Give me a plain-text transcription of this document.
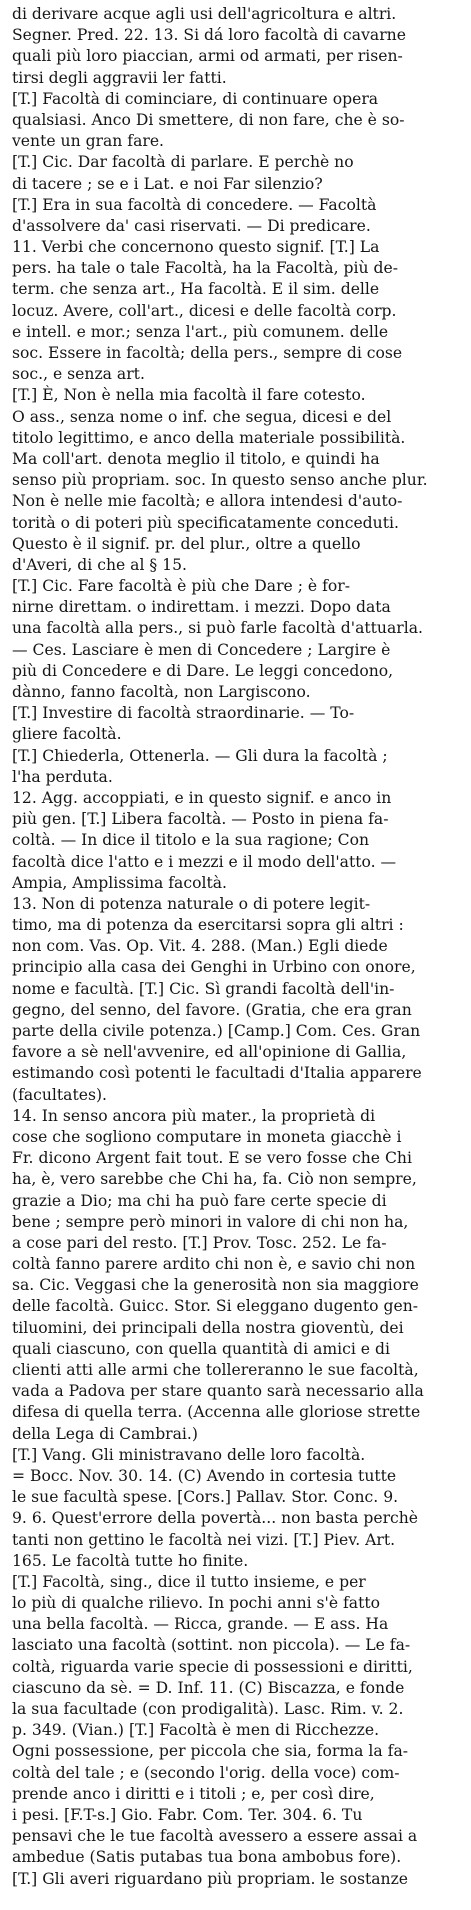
di derivare acque agli usi dell'agricoltura e altri.
Segner. Pred. 22. 13. Si dá loro facoltà di cavarne
quali più loro piaccian, armi od armati, per risen-
tirsi degli aggravii ler fatti.
[T.] Facoltà di cominciare, di continuare opera
qualsiasi. Anco Di smettere, di non fare, che è so-
vente un gran fare.
[T.] Cic. Dar facoltà di parlare. E perchè no
di tacere ; se e i Lat. e noi Far silenzio?
[T.] Era in sua facoltà di concedere. — Facoltà
d'assolvere da' casi riservati. — Di predicare.
11. Verbi che concernono questo signif. [T.] La
pers. ha tale o tale Facoltà, ha la Facoltà, più de-
term. che senza art., Ha facoltà. E il sim. delle
locuz. Avere, coll'art., dicesi e delle facoltà corp.
e intell. e mor.; senza l'art., più comunem. delle
soc. Essere in facoltà; della pers., sempre di cose
soc., e senza art.
[T.] È, Non è nella mia facoltà il fare cotesto.
O ass., senza nome o inf. che segua, dicesi e del
titolo legittimo, e anco della materiale possibilità.
Ma coll'art. denota meglio il titolo, e quindi ha
senso più propriam. soc. In questo senso anche plur.
Non è nelle mie facoltà; e allora intendesi d'auto-
torità o di poteri più specificatamente conceduti.
Questo è il signif. pr. del plur., oltre a quello
d'Averi, di che al § 15.
[T.] Cic. Fare facoltà è più che Dare ; è for-
nirne direttam. o indirettam. i mezzi. Dopo data
una facoltà alla pers., si può farle facoltà d'attuarla.
— Ces. Lasciare è men di Concedere ; Largire è
più di Concedere e di Dare. Le leggi concedono,
dànno, fanno facoltà, non Largiscono.
[T.] Investire di facoltà straordinarie. — To-
gliere facoltà.
[T.] Chiederla, Ottenerla. — Gli dura la facoltà ;
l'ha perduta.
12. Agg. accoppiati, e in questo signif. e anco in
più gen. [T.] Libera facoltà. — Posto in piena fa-
coltà. — In dice il titolo e la sua ragione; Con
facoltà dice l'atto e i mezzi e il modo dell'atto. —
Ampia, Amplissima facoltà.
13. Non di potenza naturale o di potere legit-
timo, ma di potenza da esercitarsi sopra gli altri :
non com. Vas. Op. Vit. 4. 288. (Man.) Egli diede
principio alla casa dei Genghi in Urbino con onore,
nome e facultà. [T.] Cic. Sì grandi facoltà dell'in-
gegno, del senno, del favore. (Gratia, che era gran
parte della civile potenza.) [Camp.] Com. Ces. Gran
favore a sè nell'avvenire, ed all'opinione di Gallia,
estimando così potenti le facultadi d'Italia apparere
(facultates).
14. In senso ancora più mater., la proprietà di
cose che sogliono computare in moneta giacchè i
Fr. dicono Argent fait tout. E se vero fosse che Chi
ha, è, vero sarebbe che Chi ha, fa. Ciò non sempre,
grazie a Dio; ma chi ha può fare certe specie di
bene ; sempre però minori in valore di chi non ha,
a cose pari del resto. [T.] Prov. Tosc. 252. Le fa-
coltà fanno parere ardito chi non è, e savio chi non
sa. Cic. Veggasi che la generosità non sia maggiore
delle facoltà. Guicc. Stor. Si eleggano dugento gen-
tiluomini, dei principali della nostra gioventù, dei
quali ciascuno, con quella quantità di amici e di
clienti atti alle armi che tollereranno le sue facoltà,
vada a Padova per stare quanto sarà necessario alla
difesa di quella terra. (Accenna alle gloriose strette
della Lega di Cambrai.)
[T.] Vang. Gli ministravano delle loro facoltà.
= Bocc. Nov. 30. 14. (C) Avendo in cortesia tutte
le sue facultà spese. [Cors.] Pallav. Stor. Conc. 9.
9. 6. Quest'errore della povertà... non basta perchè
tanti non gettino le facoltà nei vizi. [T.] Piev. Art.
165. Le facoltà tutte ho finite.
[T.] Facoltà, sing., dice il tutto insieme, e per
lo più di qualche rilievo. In pochi anni s'è fatto
una bella facoltà. — Ricca, grande. — E ass. Ha
lasciato una facoltà (sottint. non piccola). — Le fa-
coltà, riguarda varie specie di possessioni e diritti,
ciascuno da sè. = D. Inf. 11. (C) Biscazza, e fonde
la sua facultade (con prodigalità). Lasc. Rim. v. 2.
p. 349. (Vian.) [T.] Facoltà è men di Ricchezze.
Ogni possessione, per piccola che sia, forma la fa-
coltà del tale ; e (secondo l'orig. della voce) com-
prende anco i diritti e i titoli ; e, per così dire,
i pesi. [F.T-s.] Gio. Fabr. Com. Ter. 304. 6. Tu
pensavi che le tue facoltà avessero a essere assai a
ambedue (Satis putabas tua bona ambobus fore).
[T.] Gli averi riguardano più propriam. le sostanze
